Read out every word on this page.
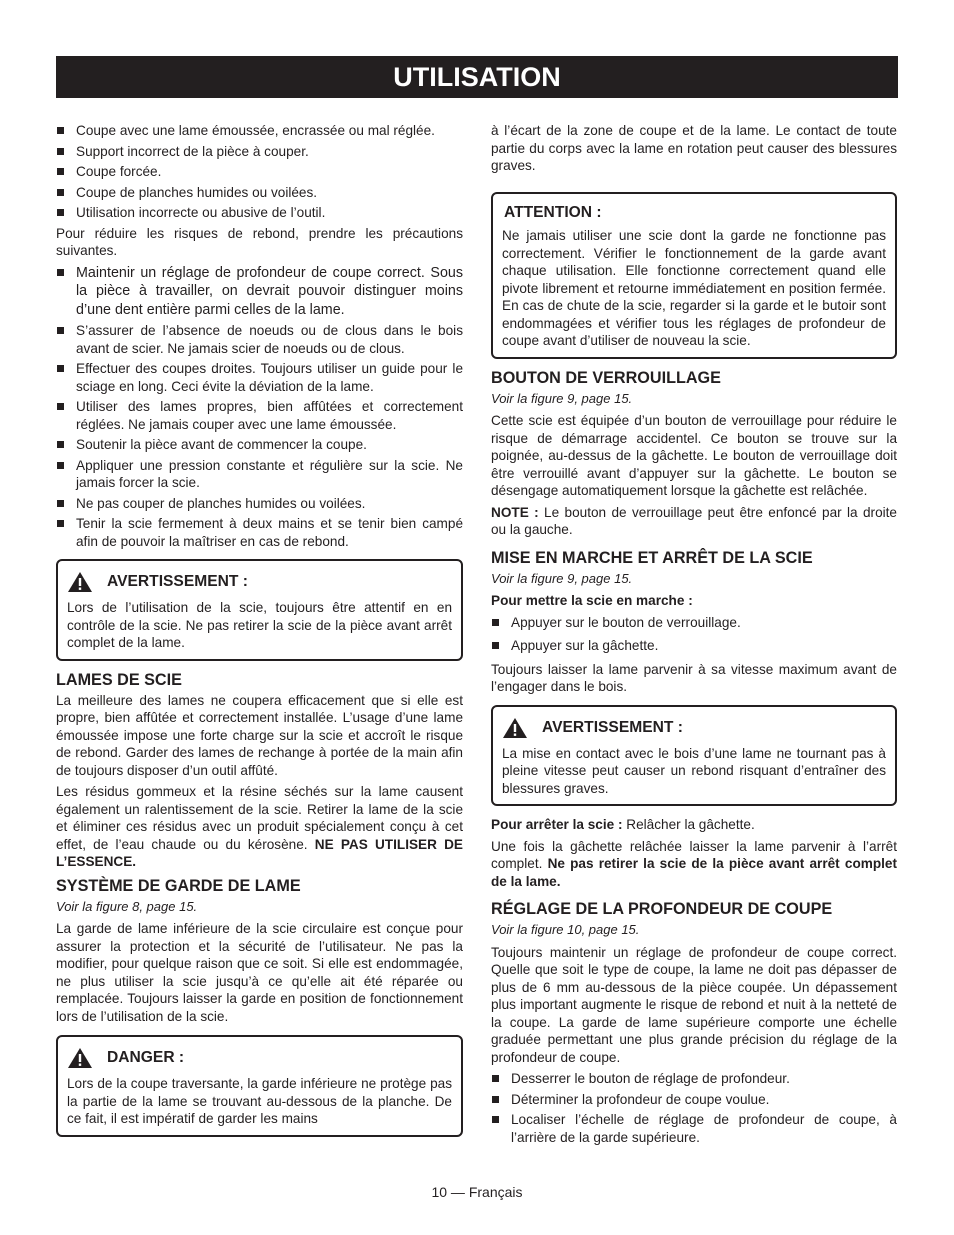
UTILISATION
Coupe avec une lame émoussée, encrassée ou mal réglée.
Support incorrect de la pièce à couper.
Coupe forcée.
Coupe de planches humides ou voilées.
Utilisation incorrecte ou abusive de l’outil.

Pour réduire les risques de rebond, prendre les précautions suivantes.

Maintenir un réglage de profondeur de coupe correct. Sous la pièce à travailler, on devrait pouvoir distinguer moins d’une dent entière parmi celles de la lame.
S’assurer de l’absence de noeuds ou de clous dans le bois avant de scier. Ne jamais scier de noeuds ou de clous.
Effectuer des coupes droites. Toujours utiliser un guide pour le sciage en long. Ceci évite la déviation de la lame.
Utiliser des lames propres, bien affûtées et correctement réglées. Ne jamais couper avec une lame émoussée.
Soutenir la pièce avant de commencer la coupe.
Appliquer une pression constante et régulière sur la scie. Ne jamais forcer la scie.
Ne pas couper de planches humides ou voilées.
Tenir la scie fermement à deux mains et se tenir bien campé afin de pouvoir la maîtriser en cas de rebond.
AVERTISSEMENT :

Lors de l’utilisation de la scie, toujours être attentif en en contrôle de la scie. Ne pas retirer la scie de la pièce avant arrêt complet de la lame.

LAMES DE SCIE

La meilleure des lames ne coupera efficacement que si elle est propre, bien affûtée et correctement installée. L’usage d’une lame émoussée impose une forte charge sur la scie et accroît le risque de rebond. Garder des lames de rechange à portée de la main afin de toujours disposer d’un outil affûté.

Les résidus gommeux et la résine séchés sur la lame causent également un ralentissement de la scie. Retirer la lame de la scie et éliminer ces résidus avec un produit spécialement conçu à cet effet, de l’eau chaude ou du kérosène. NE PAS UTILISER DE L’ESSENCE.

SYSTÈME DE GARDE DE LAME

Voir la figure 8, page 15.

La garde de lame inférieure de la scie circulaire est conçue pour assurer la protection et la sécurité de l’utilisateur. Ne pas la modifier, pour quelque raison que ce soit. Si elle est endommagée, ne plus utiliser la scie jusqu’à ce qu’elle ait été réparée ou remplacée. Toujours laisser la garde en position de fonctionnement lors de l’utilisation de la scie.

DANGER :

Lors de la coupe traversante, la garde inférieure ne protège pas la partie de la lame se trouvant au-dessous de la planche. De ce fait, il est impératif de garder les mains

à l’écart de la zone de coupe et de la lame. Le contact de toute partie du corps avec la lame en rotation peut causer des blessures graves.

ATTENTION :

Ne jamais utiliser une scie dont la garde ne fonctionne pas correctement. Vérifier le fonctionnement de la garde avant chaque utilisation. Elle fonctionne correctement quand elle pivote librement et retourne immédiatement en position fermée. En cas de chute de la scie, regarder si la garde et le butoir sont endommagées et vérifier tous les réglages de profondeur de coupe avant d’utiliser de nouveau la scie.

BOUTON DE VERROUILLAGE

Voir la figure 9, page 15.

Cette scie est équipée d’un bouton de verrouillage pour réduire le risque de démarrage accidentel. Ce bouton se trouve sur la poignée, au-dessus de la gâchette. Le bouton de verrouillage doit être verrouillé avant d’appuyer sur la gâchette. Le bouton se désengage automatiquement lorsque la gâchette est relâchée.

NOTE : Le bouton de verrouillage peut être enfoncé par la droite ou la gauche.

MISE EN MARCHE ET ARRÊT DE LA SCIE

Voir la figure 9, page 15.

Pour mettre la scie en marche :

Appuyer sur le bouton de verrouillage.
Appuyer sur la gâchette.

Toujours laisser la lame parvenir à sa vitesse maximum avant de l’engager dans le bois.

AVERTISSEMENT :

La mise en contact avec le bois d’une lame ne tournant pas à pleine vitesse peut causer un rebond risquant d’entraîner des blessures graves.

Pour arrêter la scie : Relâcher la gâchette.

Une fois la gâchette relâchée laisser la lame parvenir à l’arrêt complet. Ne pas retirer la scie de la pièce avant arrêt complet de la lame.

RÉGLAGE DE LA PROFONDEUR DE COUPE

Voir la figure 10, page 15.

Toujours maintenir un réglage de profondeur de coupe correct. Quelle que soit le type de coupe, la lame ne doit pas dépasser de plus de 6 mm au-dessous de la pièce coupée. Un dépassement plus important augmente le risque de rebond et nuit à la netteté de la coupe. La garde de lame supérieure comporte une échelle graduée permettant une plus grande précision du réglage de la profondeur de coupe.

Desserrer le bouton de réglage de profondeur.
Déterminer la profondeur de coupe voulue.
Localiser l’échelle de réglage de profondeur de coupe, à l’arrière de la garde supérieure.
10 — Français
